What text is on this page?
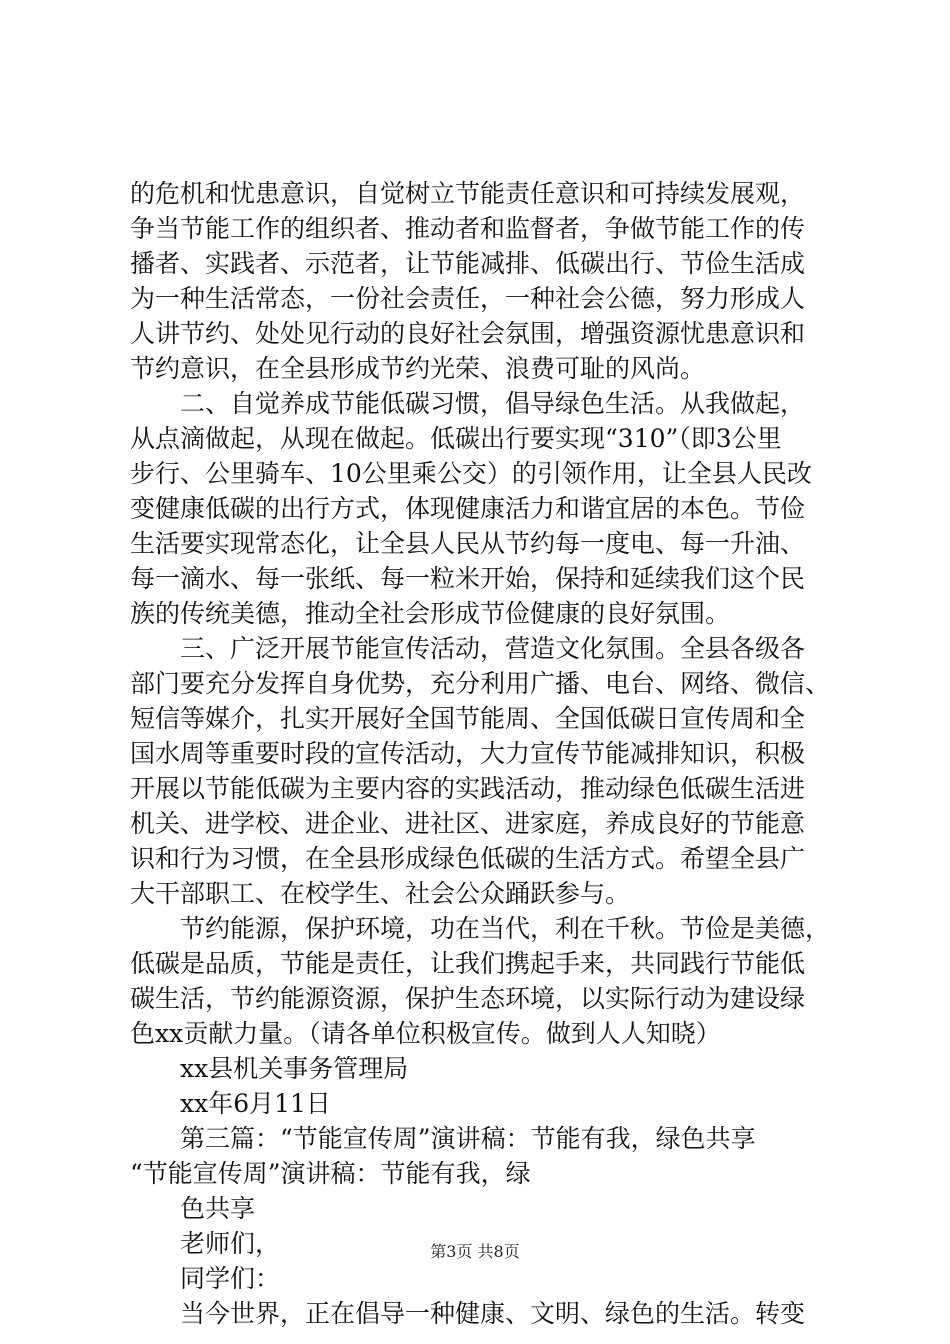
的危机和忧患意识，自觉树立节能责任意识和可持续发展观，
争当节能工作的组织者、推动者和监督者，争做节能工作的传
播者、实践者、示范者，让节能减排、低碳出行、节俭生活成
为一种生活常态，一份社会责任，一种社会公德，努力形成人
人讲节约、处处见行动的良好社会氛围，增强资源忧患意识和
节约意识，在全县形成节约光荣、浪费可耻的风尚。
二、自觉养成节能低碳习惯，倡导绿色生活。从我做起，
从点滴做起，从现在做起。低碳出行要实现“310”（即3公里
步行、公里骑车、10公里乘公交）的引领作用，让全县人民改
变健康低碳的出行方式，体现健康活力和谐宜居的本色。节俭
生活要实现常态化，让全县人民从节约每一度电、每一升油、
每一滴水、每一张纸、每一粒米开始，保持和延续我们这个民
族的传统美德，推动全社会形成节俭健康的良好氛围。
三、广泛开展节能宣传活动，营造文化氛围。全县各级各
部门要充分发挥自身优势，充分利用广播、电台、网络、微信、
短信等媒介，扎实开展好全国节能周、全国低碳日宣传周和全
国水周等重要时段的宣传活动，大力宣传节能减排知识，积极
开展以节能低碳为主要内容的实践活动，推动绿色低碳生活进
机关、进学校、进企业、进社区、进家庭，养成良好的节能意
识和行为习惯，在全县形成绿色低碳的生活方式。希望全县广
大干部职工、在校学生、社会公众踊跃参与。
节约能源，保护环境，功在当代，利在千秋。节俭是美德，
低碳是品质，节能是责任，让我们携起手来，共同践行节能低
碳生活，节约能源资源，保护生态环境，以实际行动为建设绿
色xx贡献力量。（请各单位积极宣传。做到人人知晓）
xx县机关事务管理局
xx年6月11日
第三篇：“节能宣传周”演讲稿：节能有我，绿色共享
“节能宣传周”演讲稿：节能有我，绿
色共享
老师们，
同学们：
当今世界，正在倡导一种健康、文明、绿色的生活。转变
第3页 共8页
